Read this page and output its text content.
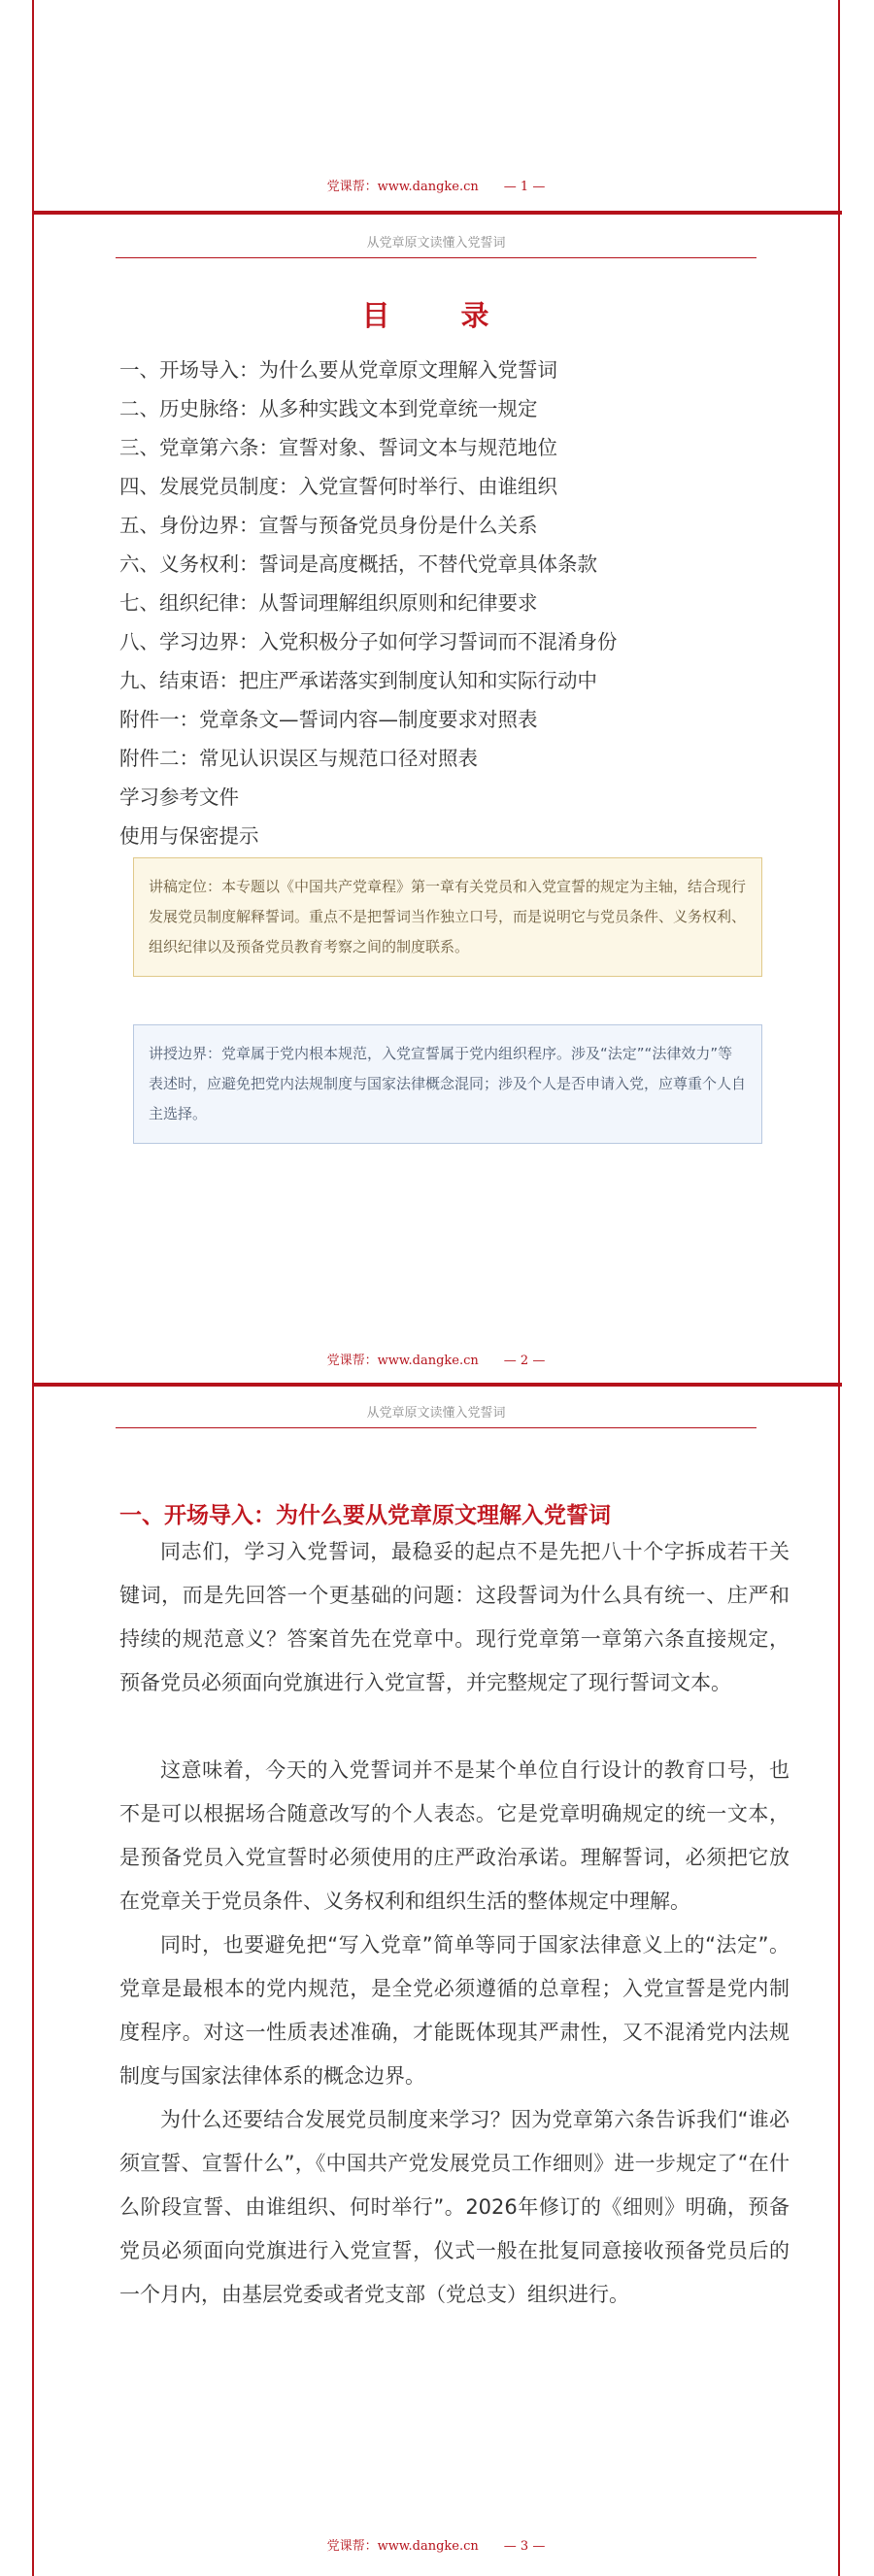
党课帮：www.dangke.cn — 1 —
从党章原文读懂入党誓词
目　录
一、开场导入：为什么要从党章原文理解入党誓词
二、历史脉络：从多种实践文本到党章统一规定
三、党章第六条：宣誓对象、誓词文本与规范地位
四、发展党员制度：入党宣誓何时举行、由谁组织
五、身份边界：宣誓与预备党员身份是什么关系
六、义务权利：誓词是高度概括，不替代党章具体条款
七、组织纪律：从誓词理解组织原则和纪律要求
八、学习边界：入党积极分子如何学习誓词而不混淆身份
九、结束语：把庄严承诺落实到制度认知和实际行动中
附件一：党章条文—誓词内容—制度要求对照表
附件二：常见认识误区与规范口径对照表
学习参考文件
使用与保密提示
讲稿定位：本专题以《中国共产党章程》第一章有关党员和入党宣誓的规定为主轴，结合现行发展党员制度解释誓词。重点不是把誓词当作独立口号，而是说明它与党员条件、义务权利、组织纪律以及预备党员教育考察之间的制度联系。
讲授边界：党章属于党内根本规范，入党宣誓属于党内组织程序。涉及“法定”“法律效力”等表述时，应避免把党内法规制度与国家法律概念混同；涉及个人是否申请入党，应尊重个人自主选择。
党课帮：www.dangke.cn — 2 —
从党章原文读懂入党誓词
一、开场导入：为什么要从党章原文理解入党誓词

同志们，学习入党誓词，最稳妥的起点不是先把八十个字拆成若干关键词，而是先回答一个更基础的问题：这段誓词为什么具有统一、庄严和持续的规范意义？答案首先在党章中。现行党章第一章第六条直接规定，预备党员必须面向党旗进行入党宣誓，并完整规定了现行誓词文本。

这意味着，今天的入党誓词并不是某个单位自行设计的教育口号，也不是可以根据场合随意改写的个人表态。它是党章明确规定的统一文本，是预备党员入党宣誓时必须使用的庄严政治承诺。理解誓词，必须把它放在党章关于党员条件、义务权利和组织生活的整体规定中理解。

同时，也要避免把“写入党章”简单等同于国家法律意义上的“法定”。党章是最根本的党内规范，是全党必须遵循的总章程；入党宣誓是党内制度程序。对这一性质表述准确，才能既体现其严肃性，又不混淆党内法规制度与国家法律体系的概念边界。

为什么还要结合发展党员制度来学习？因为党章第六条告诉我们“谁必须宣誓、宣誓什么”，《中国共产党发展党员工作细则》进一步规定了“在什么阶段宣誓、由谁组织、何时举行”。2026年修订的《细则》明确，预备党员必须面向党旗进行入党宣誓，仪式一般在批复同意接收预备党员后的一个月内，由基层党委或者党支部（党总支）组织进行。

党课帮：www.dangke.cn — 3 —
